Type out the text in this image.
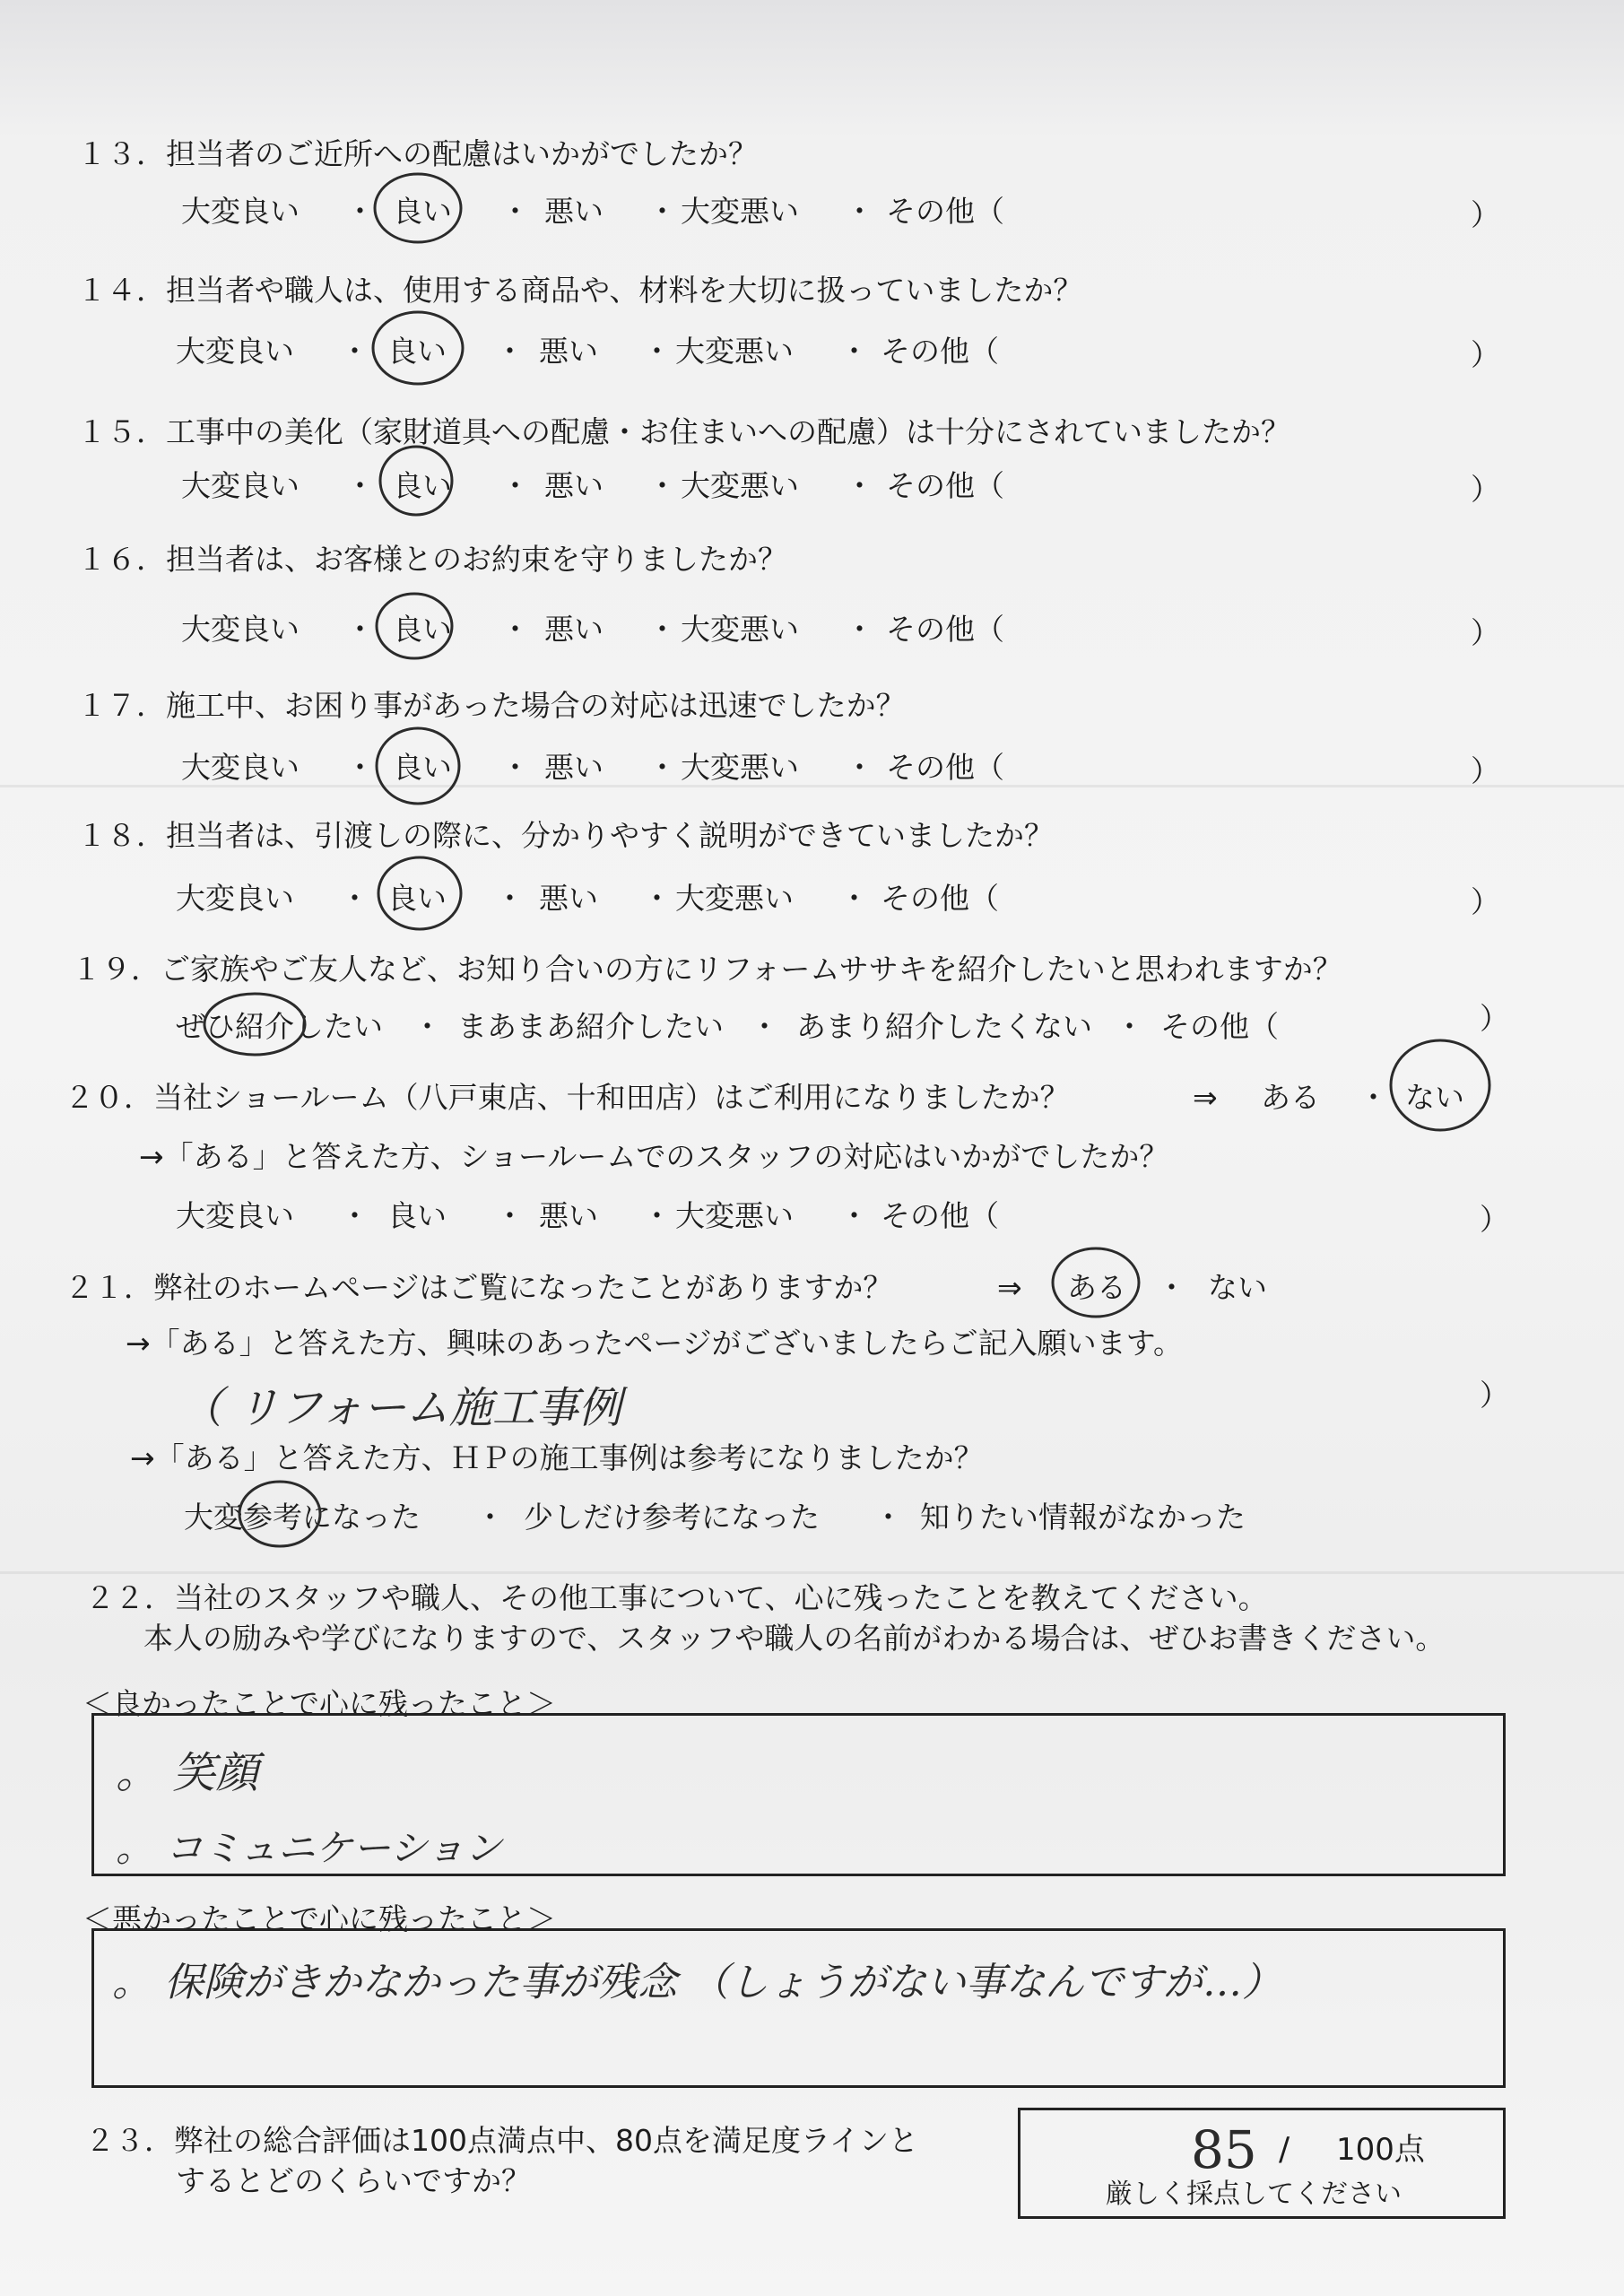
１３．担当者のご近所への配慮はいかがでしたか？
大変良い ・ 良い ・ 悪い ・ 大変悪い ・ その他（	）
１４．担当者や職人は、使用する商品や、材料を大切に扱っていましたか？
大変良い ・ 良い ・ 悪い ・ 大変悪い ・ その他（	）
１５．工事中の美化（家財道具への配慮・お住まいへの配慮）は十分にされていましたか？
大変良い ・ 良い ・ 悪い ・ 大変悪い ・ その他（	）
１６．担当者は、お客様とのお約束を守りましたか？
大変良い ・ 良い ・ 悪い ・ 大変悪い ・ その他（	）
１７．施工中、お困り事があった場合の対応は迅速でしたか？
大変良い ・ 良い ・ 悪い ・ 大変悪い ・ その他（	）
１８．担当者は、引渡しの際に、分かりやすく説明ができていましたか？
大変良い ・ 良い ・ 悪い ・ 大変悪い ・ その他（	）
１９．ご家族やご友人など、お知り合いの方にリフォームササキを紹介したいと思われますか？
ぜひ紹介したい ・ まあまあ紹介したい ・ あまり紹介したくない ・ その他（	）
２０．当社ショールーム（八戸東店、十和田店）はご利用になりましたか？	⇒ ある ・ ない
→「ある」と答えた方、ショールームでのスタッフの対応はいかがでしたか？
大変良い ・ 良い ・ 悪い ・ 大変悪い ・ その他（	）
２１．弊社のホームページはご覧になったことがありますか？	⇒ ある ・ ない
→「ある」と答えた方、興味のあったページがございましたらご記入願います。
（ リフォーム施工事例	）
→「ある」と答えた方、ＨＰの施工事例は参考になりましたか？
大変参考になった ・ 少しだけ参考になった ・ 知りたい情報がなかった
２２．当社のスタッフや職人、その他工事について、心に残ったことを教えてください。
本人の励みや学びになりますので、スタッフや職人の名前がわかる場合は、ぜひお書きください。
＜良かったことで心に残ったこと＞
。 笑顔
。 コミュニケーション
＜悪かったことで心に残ったこと＞
。 保険がきかなかった事が残念 （しょうがない事なんですが…）
２３．弊社の総合評価は100点満点中、80点を満足度ラインと
するとどのくらいですか？
85 / 100点
厳しく採点してください
